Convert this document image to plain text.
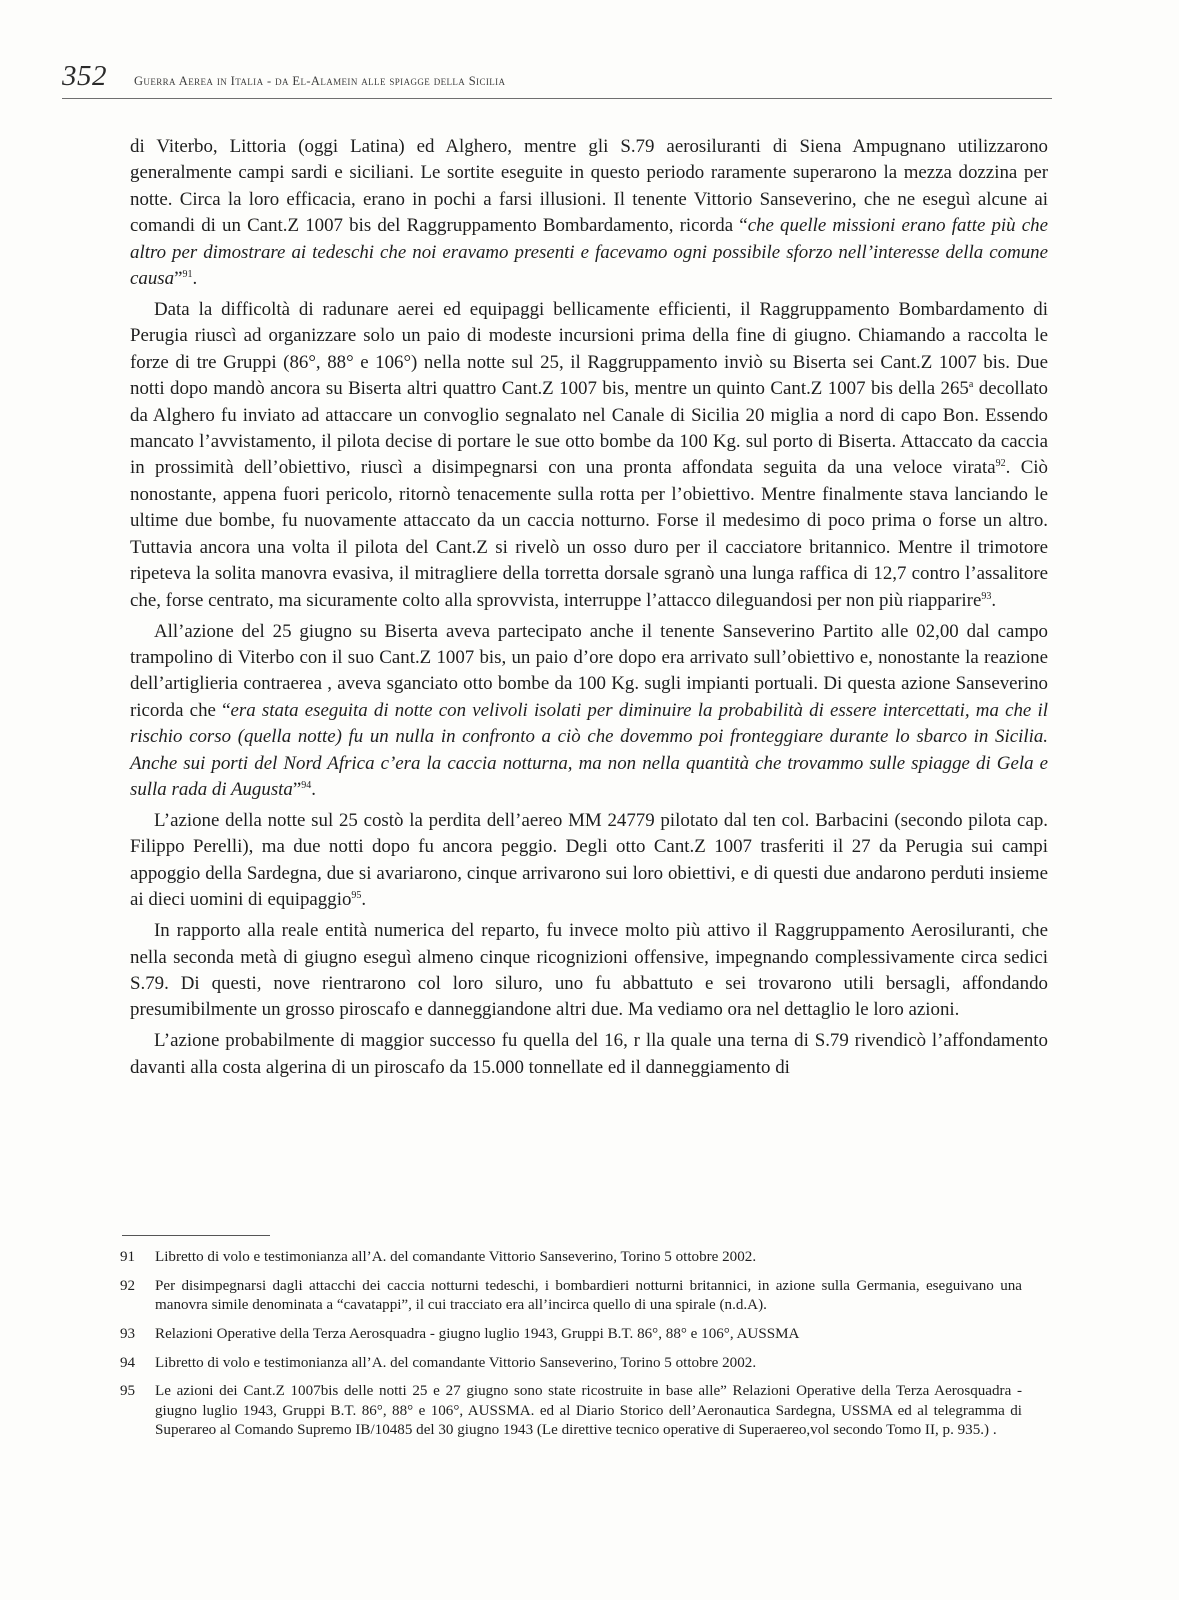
352 Guerra Aerea in Italia - da El-Alamein alle spiagge della Sicilia

di Viterbo, Littoria (oggi Latina) ed Alghero, mentre gli S.79 aerosiluranti di Siena Ampugnano utilizzarono generalmente campi sardi e siciliani. Le sortite eseguite in questo periodo raramente superarono la mezza dozzina per notte. Circa la loro efficacia, erano in pochi a farsi illusioni. Il tenente Vittorio Sanseverino, che ne eseguì alcune ai comandi di un Cant.Z 1007 bis del Raggruppamento Bombardamento, ricorda “che quelle missioni erano fatte più che altro per dimostrare ai tedeschi che noi eravamo presenti e facevamo ogni possibile sforzo nell’interesse della comune causa”$^{91}$.

Data la difficoltà di radunare aerei ed equipaggi bellicamente efficienti, il Raggruppamento Bombardamento di Perugia riuscì ad organizzare solo un paio di modeste incursioni prima della fine di giugno. Chiamando a raccolta le forze di tre Gruppi (86°, 88° e 106°) nella notte sul 25, il Raggruppamento inviò su Biserta sei Cant.Z 1007 bis. Due notti dopo mandò ancora su Biserta altri quattro Cant.Z 1007 bis, mentre un quinto Cant.Z 1007 bis della 265$^a$ decollato da Alghero fu inviato ad attaccare un convoglio segnalato nel Canale di Sicilia 20 miglia a nord di capo Bon. Essendo mancato l’avvistamento, il pilota decise di portare le sue otto bombe da 100 Kg. sul porto di Biserta. Attaccato da caccia in prossimità dell’obiettivo, riuscì a disimpegnarsi con una pronta affondata seguita da una veloce virata$^{92}$. Ciò nonostante, appena fuori pericolo, ritornò tenacemente sulla rotta per l’obiettivo. Mentre finalmente stava lanciando le ultime due bombe, fu nuovamente attaccato da un caccia notturno. Forse il medesimo di poco prima o forse un altro. Tuttavia ancora una volta il pilota del Cant.Z si rivelò un osso duro per il cacciatore britannico. Mentre il trimotore ripeteva la solita manovra evasiva, il mitragliere della torretta dorsale sgranò una lunga raffica di 12,7 contro l’assalitore che, forse centrato, ma sicuramente colto alla sprovvista, interruppe l’attacco dileguandosi per non più riapparire$^{93}$.

All’azione del 25 giugno su Biserta aveva partecipato anche il tenente Sanseverino Partito alle 02,00 dal campo trampolino di Viterbo con il suo Cant.Z 1007 bis, un paio d’ore dopo era arrivato sull’obiettivo e, nonostante la reazione dell’artiglieria contraerea , aveva sganciato otto bombe da 100 Kg. sugli impianti portuali. Di questa azione Sanseverino ricorda che “era stata eseguita di notte con velivoli isolati per diminuire la probabilità di essere intercettati, ma che il rischio corso (quella notte) fu un nulla in confronto a ciò che dovemmo poi fronteggiare durante lo sbarco in Sicilia. Anche sui porti del Nord Africa c’era la caccia notturna, ma non nella quantità che trovammo sulle spiagge di Gela e sulla rada di Augusta”$^{94}$.

L’azione della notte sul 25 costò la perdita dell’aereo MM 24779 pilotato dal ten col. Barbacini (secondo pilota cap. Filippo Perelli), ma due notti dopo fu ancora peggio. Degli otto Cant.Z 1007 trasferiti il 27 da Perugia sui campi appoggio della Sardegna, due si avariarono, cinque arrivarono sui loro obiettivi, e di questi due andarono perduti insieme ai dieci uomini di equipaggio$^{95}$.

In rapporto alla reale entità numerica del reparto, fu invece molto più attivo il Raggruppamento Aerosiluranti, che nella seconda metà di giugno eseguì almeno cinque ricognizioni offensive, impegnando complessivamente circa sedici S.79. Di questi, nove rientrarono col loro siluro, uno fu abbattuto e sei trovarono utili bersagli, affondando presumibilmente un grosso piroscafo e danneggiandone altri due. Ma vediamo ora nel dettaglio le loro azioni.

L’azione probabilmente di maggior successo fu quella del 16, r lla quale una terna di S.79 rivendicò l’affondamento davanti alla costa algerina di un piroscafo da 15.000 tonnellate ed il danneggiamento di

91	Libretto di volo e testimonianza all’A. del comandante Vittorio Sanseverino, Torino 5 ottobre 2002.
92	Per disimpegnarsi dagli attacchi dei caccia notturni tedeschi, i bombardieri notturni britannici, in azione sulla Germania, eseguivano una manovra simile denominata a “cavatappi”, il cui tracciato era all’incirca quello di una spirale (n.d.A).
93	Relazioni Operative della Terza Aerosquadra - giugno luglio 1943, Gruppi B.T. 86°, 88° e 106°, AUSSMA
94	Libretto di volo e testimonianza all’A. del comandante Vittorio Sanseverino, Torino 5 ottobre 2002.
95	Le azioni dei Cant.Z 1007bis delle notti 25 e 27 giugno sono state ricostruite in base alle” Relazioni Operative della Terza Aerosquadra - giugno luglio 1943, Gruppi B.T. 86°, 88° e 106°, AUSSMA. ed al Diario Storico dell’Aeronautica Sardegna, USSMA ed al telegramma di Superareo al Comando Supremo IB/10485 del 30 giugno 1943 (Le direttive tecnico operative di Superaereo,vol secondo Tomo II, p. 935.) .
